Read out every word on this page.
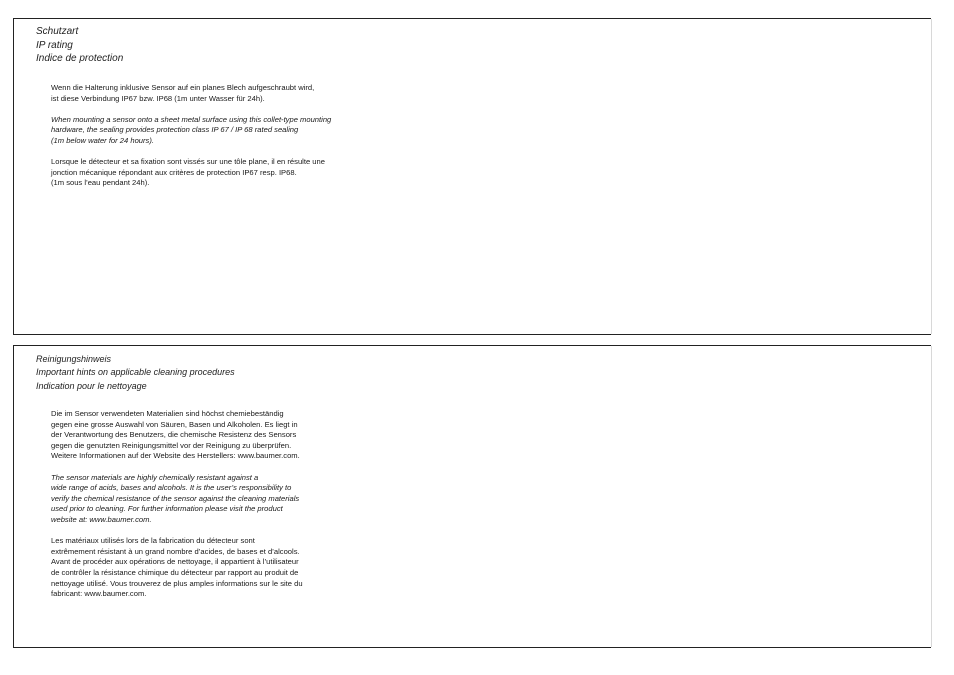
Schutzart
IP rating
Indice de protection
Wenn die Halterung inklusive Sensor auf ein planes Blech aufgeschraubt wird,
ist diese Verbindung IP67 bzw. IP68 (1m unter Wasser für 24h).
When mounting a sensor onto a sheet metal surface using this collet-type mounting
hardware, the sealing provides protection class IP 67 / IP 68 rated sealing
(1m below water for 24 hours).
Lorsque le détecteur et sa fixation sont vissés sur une tôle plane, il en résulte une
jonction mécanique répondant aux critères de protection IP67 resp. IP68.
(1m sous l’eau pendant 24h).
Reinigungshinweis
Important hints on applicable cleaning procedures
Indication pour le nettoyage
Die im Sensor verwendeten Materialien sind höchst chemiebeständig
gegen eine grosse Auswahl von Säuren, Basen und Alkoholen. Es liegt in
der Verantwortung des Benutzers, die chemische Resistenz des Sensors
gegen die genutzten Reinigungsmittel vor der Reinigung zu überprüfen.
Weitere Informationen auf der Website des Herstellers: www.baumer.com.
The sensor materials are highly chemically resistant against a
wide range of acids, bases and alcohols. It is the user’s responsibility to
verify the chemical resistance of the sensor against the cleaning materials
used prior to cleaning. For further information please visit the product
website at: www.baumer.com.
Les matériaux utilisés lors de la fabrication du détecteur sont
extrêmement résistant à un grand nombre d’acides, de bases et d’alcools.
Avant de procéder aux opérations de nettoyage, il appartient à l’utilisateur
de contrôler la résistance chimique du détecteur par rapport au produit de
nettoyage utilisé. Vous trouverez de plus amples informations sur le site du
fabricant: www.baumer.com.
